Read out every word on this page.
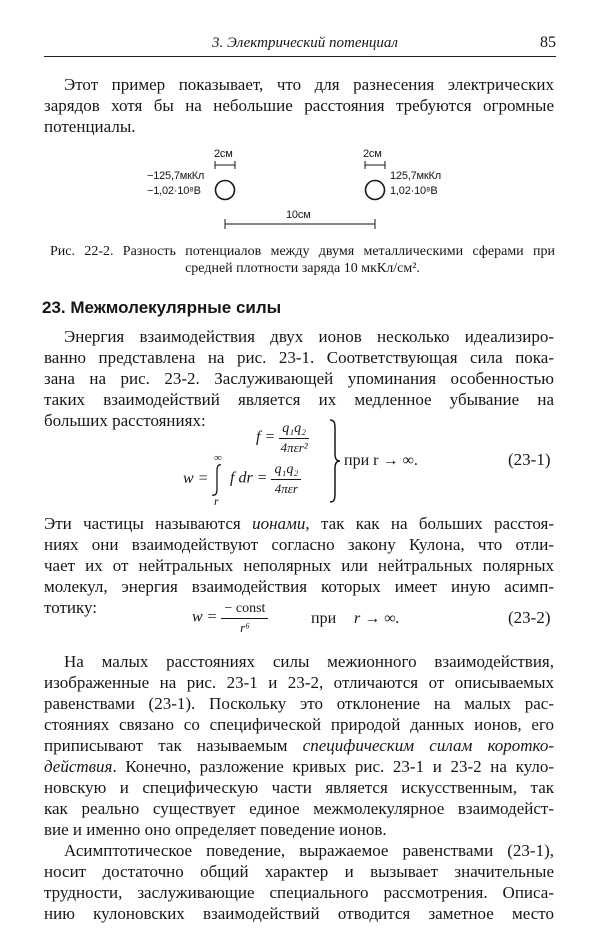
3. Электрический потенциал	85
Этот пример показывает, что для разнесения электрических
зарядов хотя бы на небольшие расстояния требуются огромные
потенциалы.
2см	2см
−125,7мкКл
−1,02·10⁸В
125,7мкКл
1,02·10⁸В
10см
Рис. 22-2. Разность потенциалов между двумя металлическими сферами при
средней плотности заряда 10 мкКл/см².
23. Межмолекулярные силы
Энергия взаимодействия двух ионов несколько идеализиро-
ванно представлена на рис. 23-1. Соответствующая сила пока-
зана на рис. 23-2. Заслуживающей упоминания особенностью
таких взаимодействий является их медленное убывание на
больших расстояниях:
$f = \frac{\text{q₁q₂}}{\text{4πεr²}}$
w =
∞
r
f dr = $\frac{\text{q₁q₂}}{\text{4πεr}}$
при r → ∞.	(23-1)
Эти частицы называются ионами, так как на больших расстоя-
ниях они взаимодействуют согласно закону Кулона, что отли-
чает их от нейтральных неполярных или нейтральных полярных
молекул, энергия взаимодействия которых имеет иную асимп-
тотику:
$w = \frac{\text{− const}}{\text{r⁶}}$	при r → ∞.	(23-2)
На малых расстояниях силы межионного взаимодействия,
изображенные на рис. 23-1 и 23-2, отличаются от описываемых
равенствами (23-1). Поскольку это отклонение на малых рас-
стояниях связано со специфической природой данных ионов, его
приписывают так называемым специфическим силам коротко-
действия. Конечно, разложение кривых рис. 23-1 и 23-2 на куло-
новскую и специфическую части является искусственным, так
как реально существует единое межмолекулярное взаимодейст-
вие и именно оно определяет поведение ионов.
Асимптотическое поведение, выражаемое равенствами (23-1),
носит достаточно общий характер и вызывает значительные
трудности, заслуживающие специального рассмотрения. Описа-
нию кулоновских взаимодействий отводится заметное место
